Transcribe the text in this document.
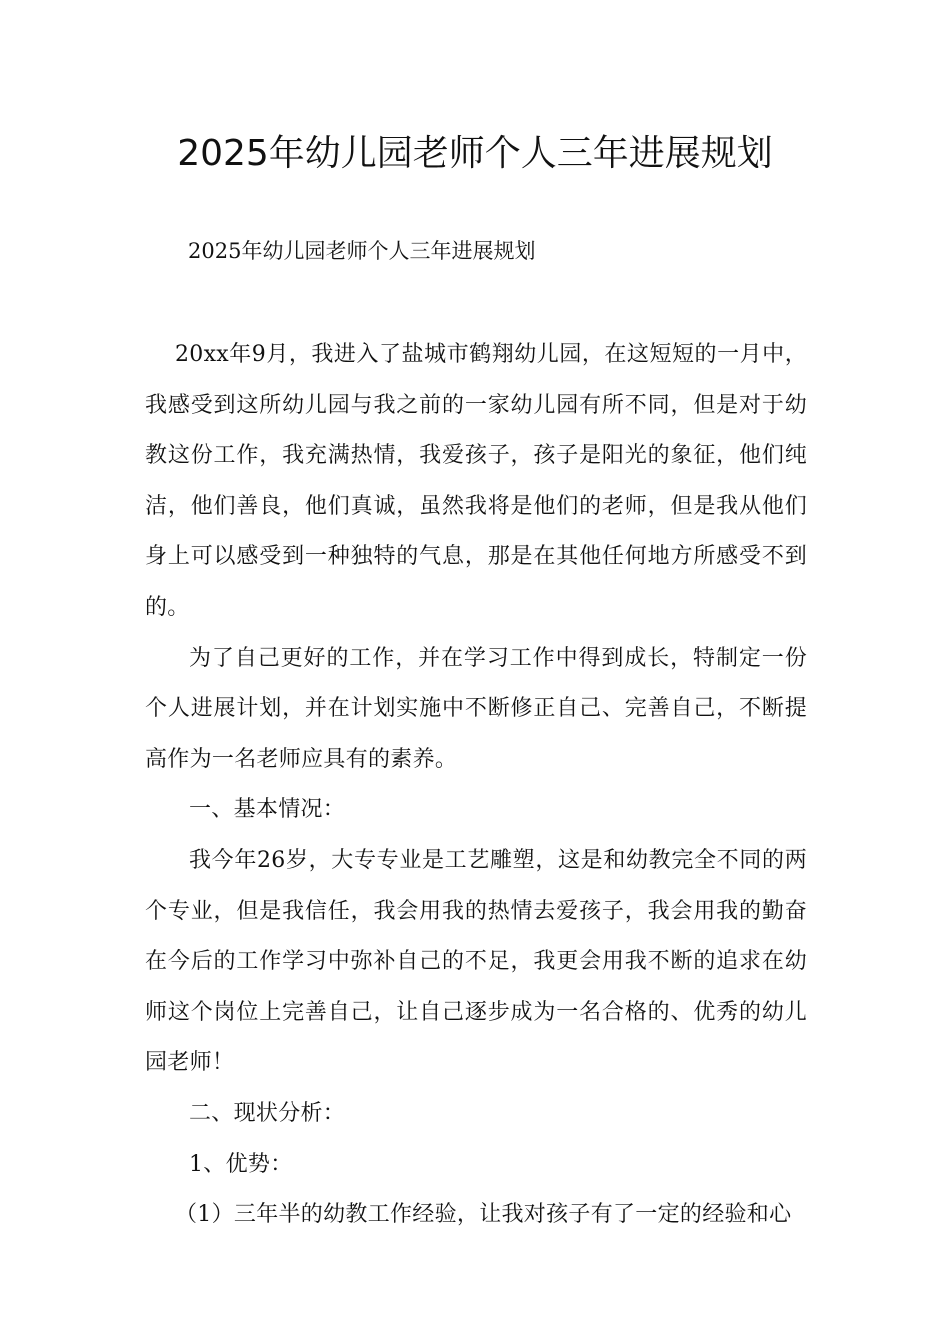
2025年幼儿园老师个人三年进展规划

2025年幼儿园老师个人三年进展规划

20xx年9月，我进入了盐城市鹤翔幼儿园，在这短短的一月中，我感受到这所幼儿园与我之前的一家幼儿园有所不同，但是对于幼教这份工作，我充满热情，我爱孩子，孩子是阳光的象征，他们纯洁，他们善良，他们真诚，虽然我将是他们的老师，但是我从他们身上可以感受到一种独特的气息，那是在其他任何地方所感受不到的。

为了自己更好的工作，并在学习工作中得到成长，特制定一份个人进展计划，并在计划实施中不断修正自己、完善自己，不断提高作为一名老师应具有的素养。

一、基本情况：

我今年26岁，大专专业是工艺雕塑，这是和幼教完全不同的两个专业，但是我信任，我会用我的热情去爱孩子，我会用我的勤奋在今后的工作学习中弥补自己的不足，我更会用我不断的追求在幼师这个岗位上完善自己，让自己逐步成为一名合格的、优秀的幼儿园老师！

二、现状分析：

1、优势：

（1）三年半的幼教工作经验，让我对孩子有了一定的经验和心
